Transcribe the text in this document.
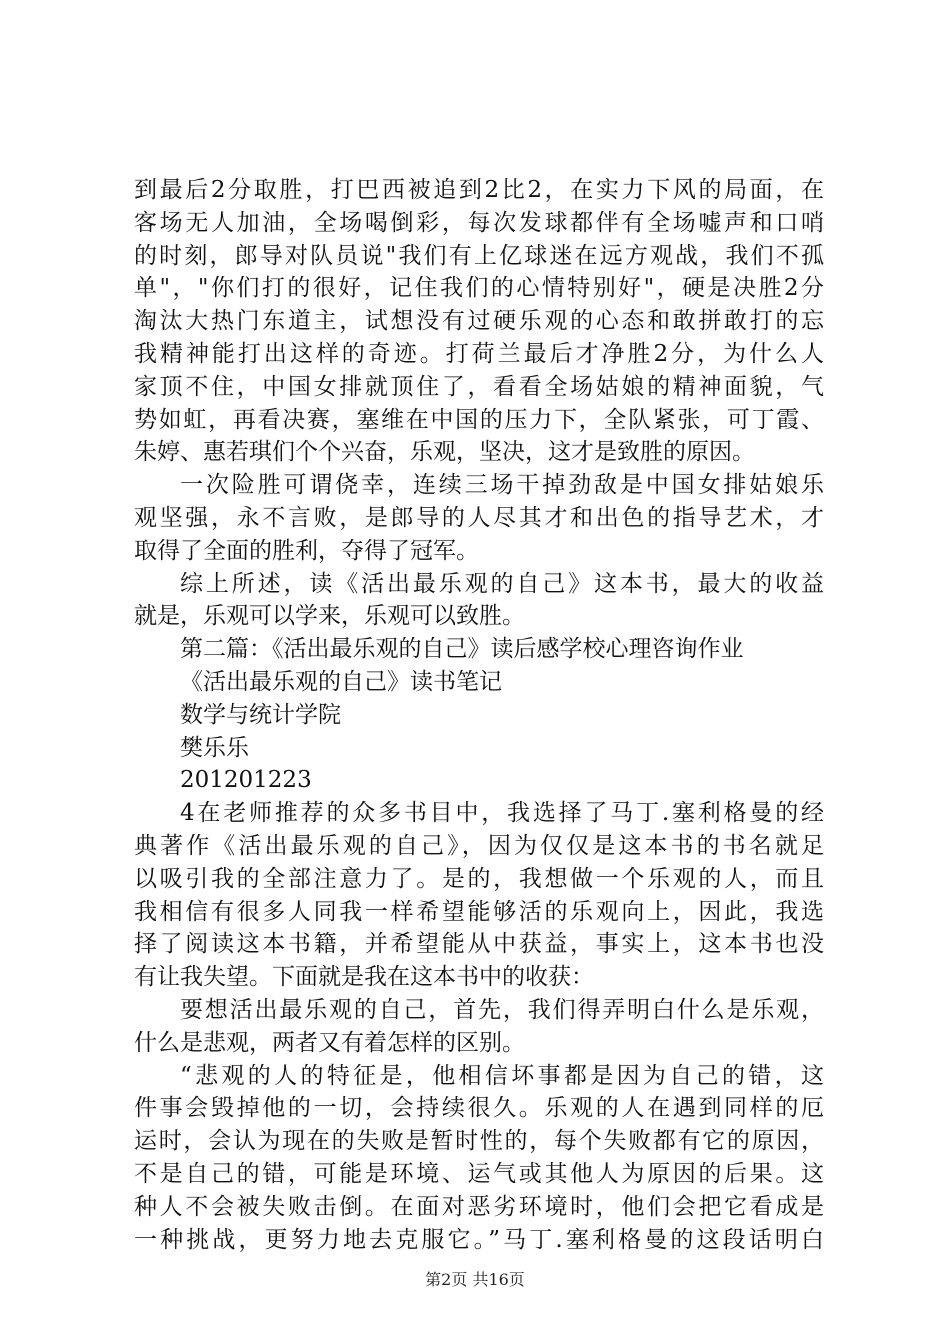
到最后2分取胜，打巴西被追到2比2，在实力下风的局面，在
客场无人加油，全场喝倒彩，每次发球都伴有全场嘘声和口哨
的时刻，郎导对队员说"我们有上亿球迷在远方观战，我们不孤
单"，"你们打的很好，记住我们的心情特别好"，硬是决胜2分
淘汰大热门东道主，试想没有过硬乐观的心态和敢拼敢打的忘
我精神能打出这样的奇迹。打荷兰最后才净胜2分，为什么人
家顶不住，中国女排就顶住了，看看全场姑娘的精神面貌，气
势如虹，再看决赛，塞维在中国的压力下，全队紧张，可丁霞、
朱婷、惠若琪们个个兴奋，乐观，坚决，这才是致胜的原因。
一次险胜可谓侥幸，连续三场干掉劲敌是中国女排姑娘乐
观坚强，永不言败，是郎导的人尽其才和出色的指导艺术，才
取得了全面的胜利，夺得了冠军。
综上所述，读《活出最乐观的自己》这本书，最大的收益
就是，乐观可以学来，乐观可以致胜。
第二篇：《活出最乐观的自己》读后感学校心理咨询作业
《活出最乐观的自己》读书笔记
数学与统计学院
樊乐乐
201201223
4在老师推荐的众多书目中，我选择了马丁.塞利格曼的经
典著作《活出最乐观的自己》，因为仅仅是这本书的书名就足
以吸引我的全部注意力了。是的，我想做一个乐观的人，而且
我相信有很多人同我一样希望能够活的乐观向上，因此，我选
择了阅读这本书籍，并希望能从中获益，事实上，这本书也没
有让我失望。下面就是我在这本书中的收获：
要想活出最乐观的自己，首先，我们得弄明白什么是乐观，
什么是悲观，两者又有着怎样的区别。
“悲观的人的特征是，他相信坏事都是因为自己的错，这
件事会毁掉他的一切，会持续很久。乐观的人在遇到同样的厄
运时，会认为现在的失败是暂时性的，每个失败都有它的原因，
不是自己的错，可能是环境、运气或其他人为原因的后果。这
种人不会被失败击倒。在面对恶劣环境时，他们会把它看成是
一种挑战，更努力地去克服它。”马丁.塞利格曼的这段话明白
第2页 共16页
